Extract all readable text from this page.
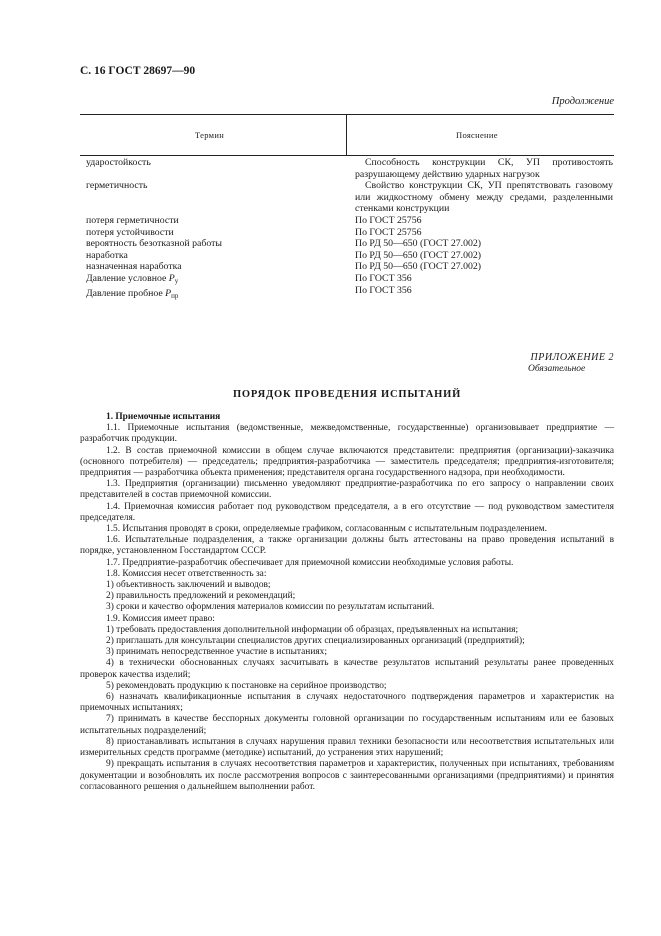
С. 16 ГОСТ 28697—90
Продолжение
Термин	Пояснение
ударостойкость
герметичность
потеря герметичности
потеря устойчивости
вероятность безотказной работы
наработка
назначенная наработка
Давление условное $P_у$
Давление пробное $P_{пр}$
Способность конструкции СК, УП противостоять разрушающему действию ударных нагрузок
Свойство конструкции СК, УП препятствовать газовому или жидкостному обмену между средами, разделенными стенками конструкции
По ГОСТ 25756
По ГОСТ 25756
По РД 50—650 (ГОСТ 27.002)
По РД 50—650 (ГОСТ 27.002)
По РД 50—650 (ГОСТ 27.002)
По ГОСТ 356
По ГОСТ 356
ПРИЛОЖЕНИЕ 2
Обязательное
ПОРЯДОК ПРОВЕДЕНИЯ ИСПЫТАНИЙ

1. Приемочные испытания

1.1. Приемочные испытания (ведомственные, межведомственные, государственные) организовывает предприятие — разработчик продукции.

1.2. В состав приемочной комиссии в общем случае включаются представители: предприятия (организации)-заказчика (основного потребителя) — председатель; предприятия-разработчика — заместитель председателя; предприятия-изготовителя; предприятия — разработчика объекта применения; представителя органа государственного надзора, при необходимости.

1.3. Предприятия (организации) письменно уведомляют предприятие-разработчика по его запросу о направлении своих представителей в состав приемочной комиссии.

1.4. Приемочная комиссия работает под руководством председателя, а в его отсутствие — под руководством заместителя председателя.

1.5. Испытания проводят в сроки, определяемые графиком, согласованным с испытательным подразделением.

1.6. Испытательные подразделения, а также организации должны быть аттестованы на право проведения испытаний в порядке, установленном Госстандартом СССР.

1.7. Предприятие-разработчик обеспечивает для приемочной комиссии необходимые условия работы.

1.8. Комиссия несет ответственность за:

1) объективность заключений и выводов;

2) правильность предложений и рекомендаций;

3) сроки и качество оформления материалов комиссии по результатам испытаний.

1.9. Комиссия имеет право:

1) требовать предоставления дополнительной информации об образцах, предъявленных на испытания;

2) приглашать для консультации специалистов других специализированных организаций (предприятий);

3) принимать непосредственное участие в испытаниях;

4) в технически обоснованных случаях засчитывать в качестве результатов испытаний результаты ранее проведенных проверок качества изделий;

5) рекомендовать продукцию к постановке на серийное производство;

6) назначать квалификационные испытания в случаях недостаточного подтверждения параметров и характеристик на приемочных испытаниях;

7) принимать в качестве бесспорных документы головной организации по государственным испытаниям или ее базовых испытательных подразделений;

8) приостанавливать испытания в случаях нарушения правил техники безопасности или несоответствия испытательных или измерительных средств программе (методике) испытаний, до устранения этих нарушений;

9) прекращать испытания в случаях несоответствия параметров и характеристик, полученных при испытаниях, требованиям документации и возобновлять их после рассмотрения вопросов с заинтересованными организациями (предприятиями) и принятия согласованного решения о дальнейшем выполнении работ.
